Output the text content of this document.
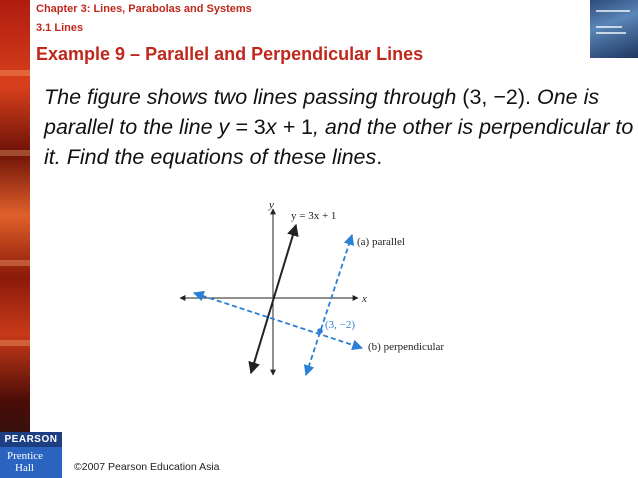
Chapter 3: Lines, Parabolas and Systems
3.1 Lines
Example 9 – Parallel and Perpendicular Lines
The figure shows two lines passing through (3, −2). One is parallel to the line y = 3x + 1, and the other is perpendicular to it. Find the equations of these lines.
y
x
y = 3x + 1
(a) parallel
(b) perpendicular
(3, −2)
PEARSON
Prentice
Hall	©2007 Pearson Education Asia
